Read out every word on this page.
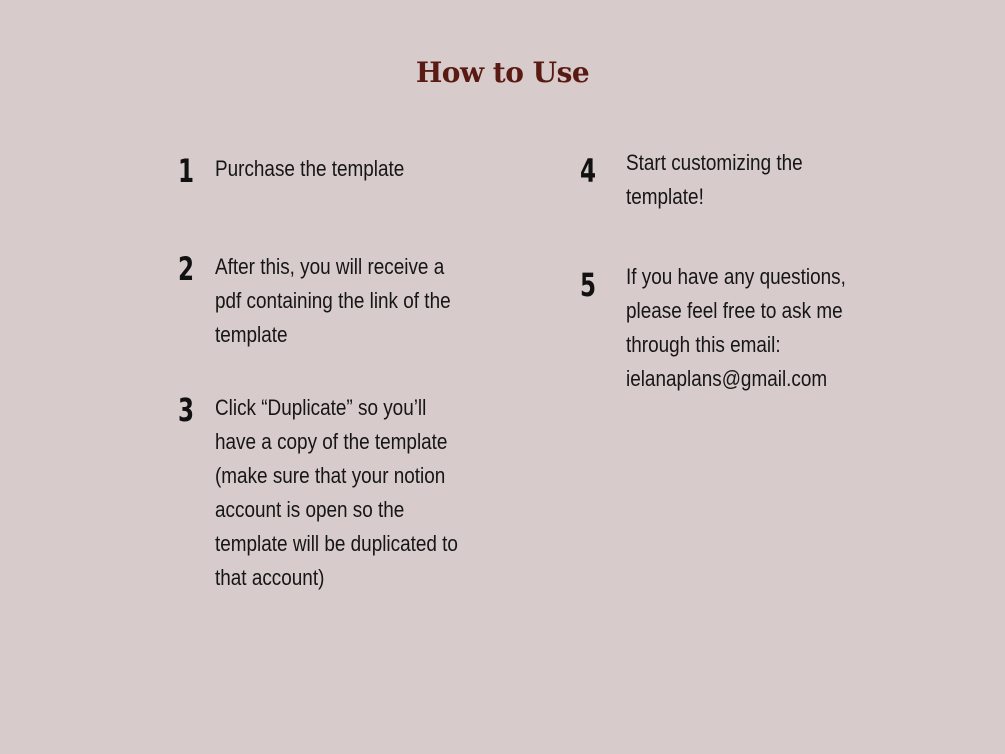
How to Use
1 Purchase the template
2 After this, you will receive a
pdf containing the link of the
template
3 Click “Duplicate” so you’ll
have a copy of the template
(make sure that your notion
account is open so the
template will be duplicated to
that account)
4 Start customizing the
template!
5 If you have any questions,
please feel free to ask me
through this email:
ielanaplans@gmail.com
